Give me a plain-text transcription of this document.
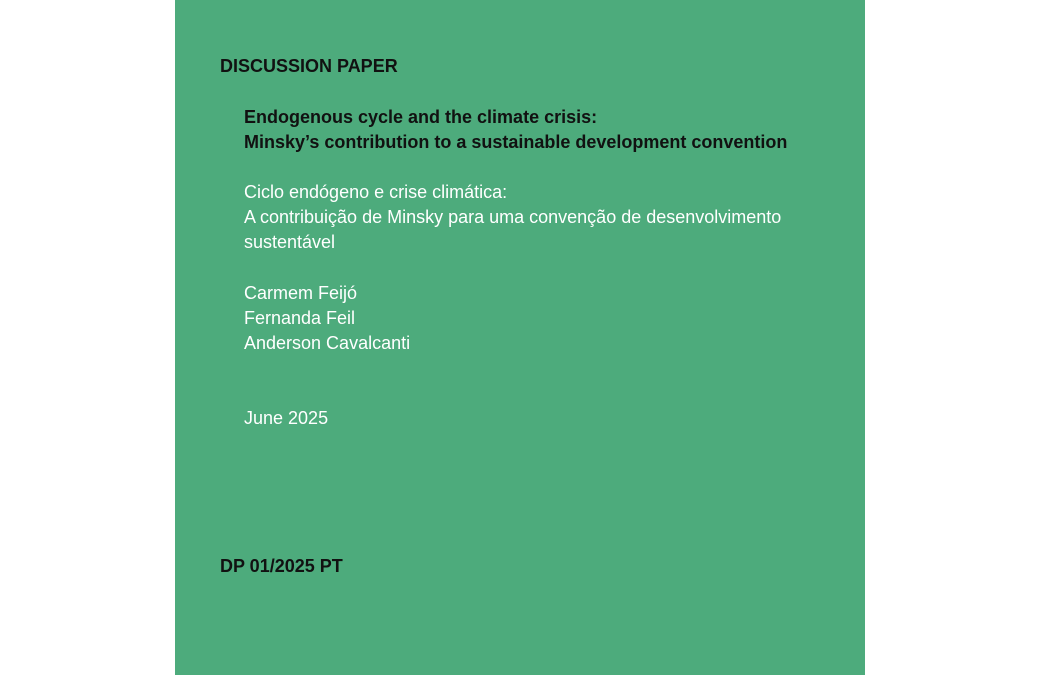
DISCUSSION PAPER
Endogenous cycle and the climate crisis:
Minsky’s contribution to a sustainable development convention
Ciclo endógeno e crise climática:
A contribuição de Minsky para uma convenção de desenvolvimento
sustentável
Carmem Feijó
Fernanda Feil
Anderson Cavalcanti
June 2025
DP 01/2025 PT
